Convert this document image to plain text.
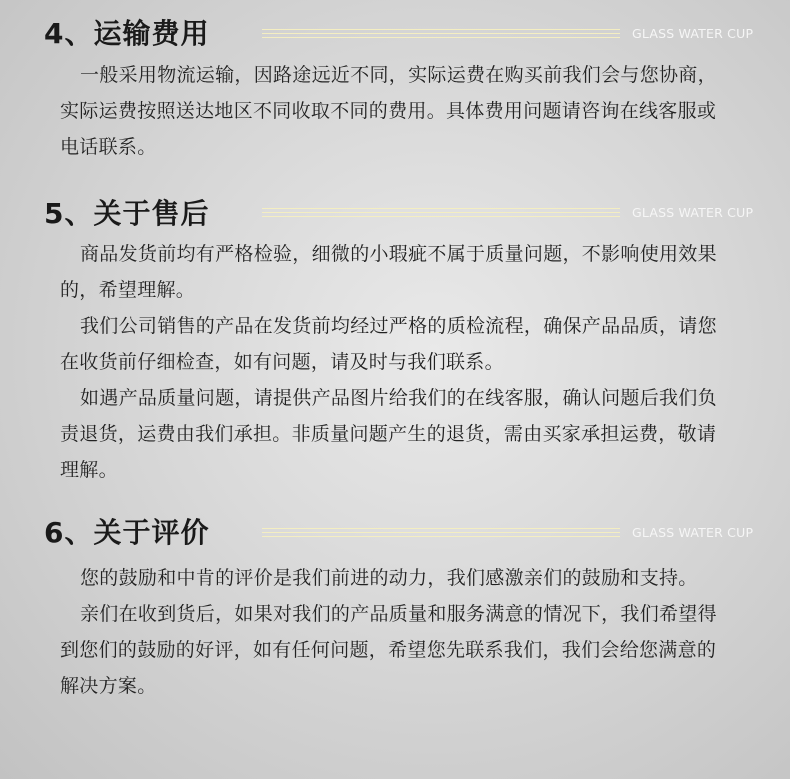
4、运输费用	GLASS WATER CUP

一般采用物流运输，因路途远近不同，实际运费在购买前我们会与您协商，实际运费按照送达地区不同收取不同的费用。具体费用问题请咨询在线客服或电话联系。

5、关于售后	GLASS WATER CUP

商品发货前均有严格检验，细微的小瑕疵不属于质量问题，不影响使用效果的，希望理解。

我们公司销售的产品在发货前均经过严格的质检流程，确保产品品质，请您在收货前仔细检查，如有问题，请及时与我们联系。

如遇产品质量问题，请提供产品图片给我们的在线客服，确认问题后我们负责退货，运费由我们承担。非质量问题产生的退货，需由买家承担运费，敬请理解。

6、关于评价	GLASS WATER CUP

您的鼓励和中肯的评价是我们前进的动力，我们感激亲们的鼓励和支持。

亲们在收到货后，如果对我们的产品质量和服务满意的情况下，我们希望得到您们的鼓励的好评，如有任何问题，希望您先联系我们，我们会给您满意的解决方案。
